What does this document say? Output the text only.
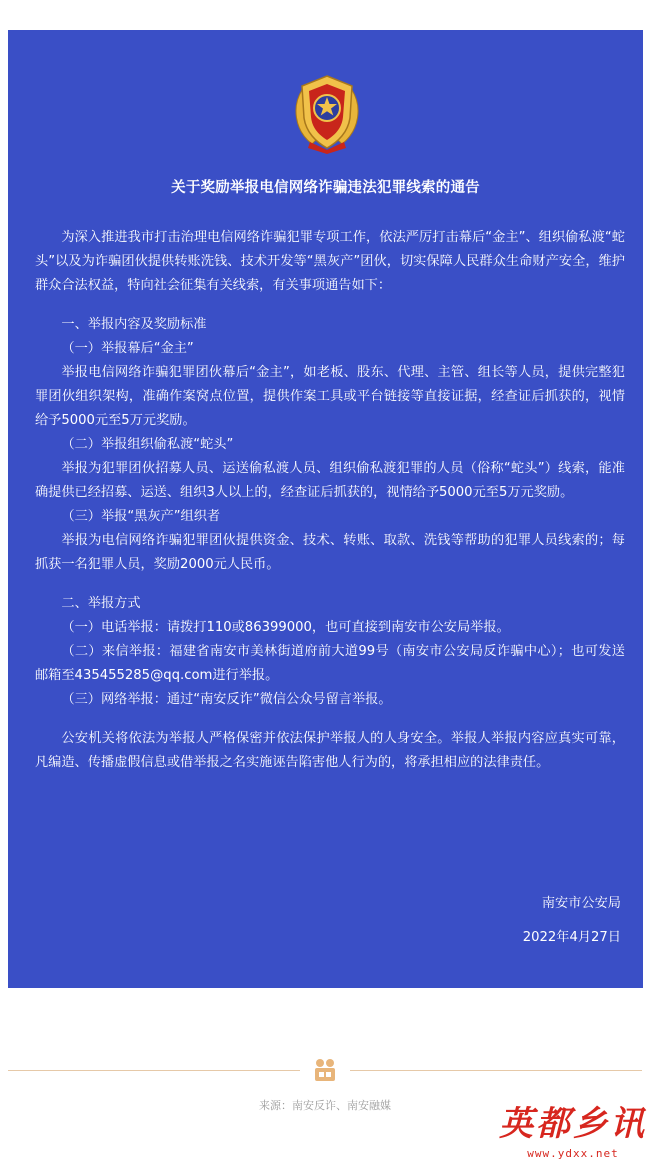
关于奖励举报电信网络诈骗违法犯罪线索的通告

为深入推进我市打击治理电信网络诈骗犯罪专项工作，依法严厉打击幕后“金主”、组织偷私渡“蛇头”以及为诈骗团伙提供转账洗钱、技术开发等“黑灰产”团伙，切实保障人民群众生命财产安全，维护群众合法权益，特向社会征集有关线索，有关事项通告如下：

一、举报内容及奖励标准

（一）举报幕后“金主”

举报电信网络诈骗犯罪团伙幕后“金主”，如老板、股东、代理、主管、组长等人员，提供完整犯罪团伙组织架构，准确作案窝点位置，提供作案工具或平台链接等直接证据，经查证后抓获的，视情给予5000元至5万元奖励。

（二）举报组织偷私渡“蛇头”

举报为犯罪团伙招募人员、运送偷私渡人员、组织偷私渡犯罪的人员（俗称“蛇头”）线索，能准确提供已经招募、运送、组织3人以上的，经查证后抓获的，视情给予5000元至5万元奖励。

（三）举报“黑灰产”组织者

举报为电信网络诈骗犯罪团伙提供资金、技术、转账、取款、洗钱等帮助的犯罪人员线索的；每抓获一名犯罪人员，奖励2000元人民币。

二、举报方式

（一）电话举报：请拨打110或86399000，也可直接到南安市公安局举报。

（二）来信举报：福建省南安市美林街道府前大道99号（南安市公安局反诈骗中心）；也可发送邮箱至435455285@qq.com进行举报。

（三）网络举报：通过“南安反诈”微信公众号留言举报。

公安机关将依法为举报人严格保密并依法保护举报人的人身安全。举报人举报内容应真实可靠，凡编造、传播虚假信息或借举报之名实施诬告陷害他人行为的，将承担相应的法律责任。

南安市公安局
2022年4月27日
来源：南安反诈、南安融媒	英都乡讯
www.ydxx.net
